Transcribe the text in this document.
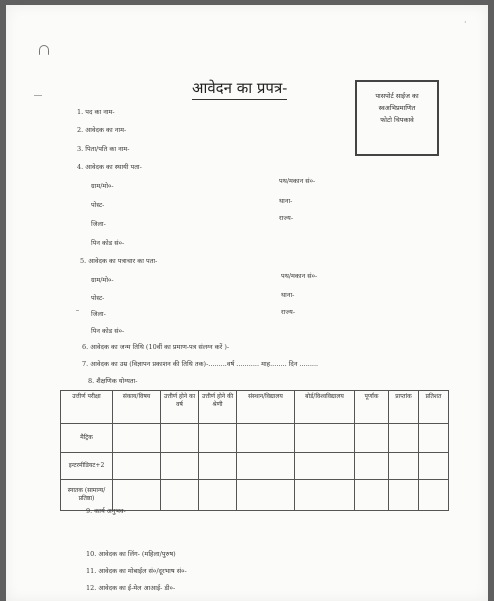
·
आवेदन का प्रपत्र-	पासपोर्ट साईज का
स्वअभिप्रमाणित
फोटो चिपकावे
1. पद का नाम-
2. आवेदक का नाम-
3. पिता/पति का नाम-
4. आवेदक का स्थायी पता-
ग्राम/मो०-
पथ/मकान सं०-
पोस्ट-	थाना-
जिला-
राज्य-
पिन कोड सं०-
5. आवेदक का पत्राचार का पता-
ग्राम/मो०-	पथ/मकान सं०-
पोस्ट-	थाना-
जिला-	राज्य-
पिन कोड सं०-
6. आवेदक का जन्म तिथि (10वीं का प्रमाण-पत्र संलग्न करें )-
7. आवेदक का उम्र (विज्ञापन प्रकाशन की तिथि तक)-.........वर्ष ........... माह........ दिन .........
8. शैक्षणिक योग्यता-
उत्तीर्ण परीक्षा	संकाय/विषय	उत्तीर्ण होने का वर्ष	उत्तीर्ण होने की श्रेणी	संस्थान/विद्यालय	बोर्ड/विश्वविद्यालय	पूर्णांक	प्राप्तांक	प्रतिशत
मैट्रिक								
इन्टरमीडियट+2								
स्नातक (सामान्य/प्रतिष्ठा)								
9. कार्य अनुभव-
10. आवेदक का लिंग- (महिला/पुरुष)
11. आवेदक का मोबाईल सं०/दूरभाष सं०-
12. आवेदक का ई-मेल आआई- डी०-
